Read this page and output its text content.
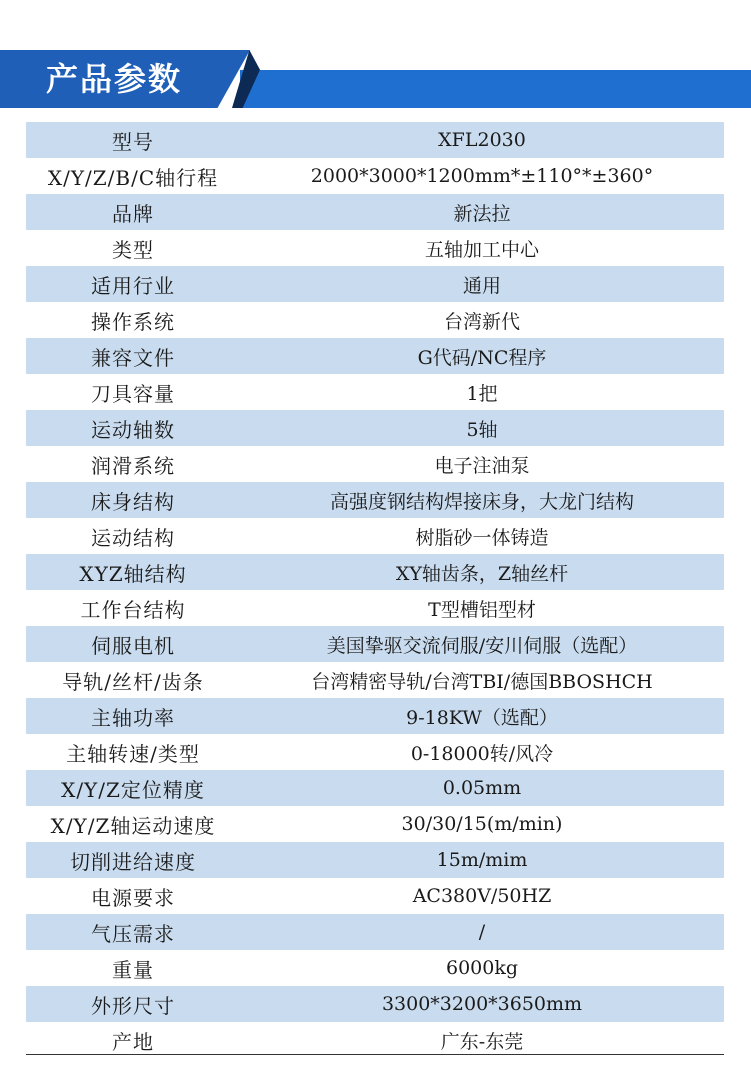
产品参数
型号	XFL2030
X/Y/Z/B/C轴行程	2000*3000*1200mm*±110°*±360°
品牌	新法拉
类型	五轴加工中心
适用行业	通用
操作系统	台湾新代
兼容文件	G代码/NC程序
刀具容量	1把
运动轴数	5轴
润滑系统	电子注油泵
床身结构	高强度钢结构焊接床身，大龙门结构
运动结构	树脂砂一体铸造
XYZ轴结构	XY轴齿条，Z轴丝杆
工作台结构	T型槽铝型材
伺服电机	美国挚驱交流伺服/安川伺服（选配）
导轨/丝杆/齿条	台湾精密导轨/台湾TBI/德国BBOSHCH
主轴功率	9-18KW（选配）
主轴转速/类型	0-18000转/风冷
X/Y/Z定位精度	0.05mm
X/Y/Z轴运动速度	30/30/15(m/min)
切削进给速度	15m/mim
电源要求	AC380V/50HZ
气压需求	/
重量	6000kg
外形尺寸	3300*3200*3650mm
产地	广东-东莞
